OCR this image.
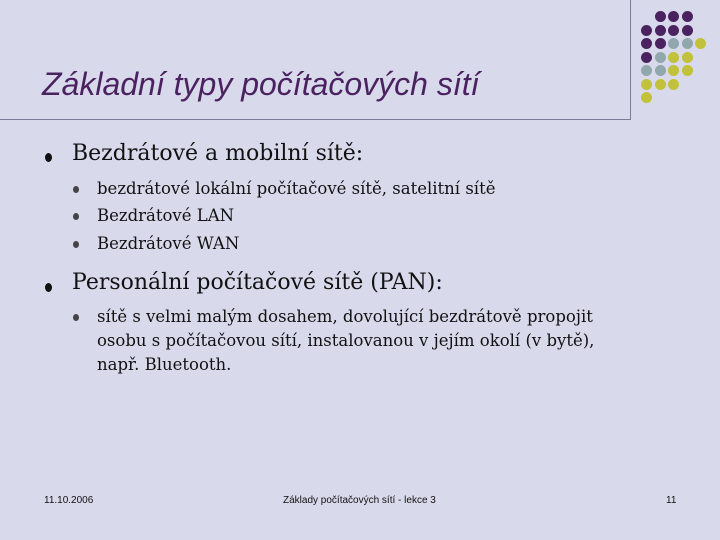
Základní typy počítačových sítí
Bezdrátové a mobilní sítě:
bezdrátové lokální počítačové sítě, satelitní sítě
Bezdrátové LAN
Bezdrátové WAN
Personální počítačové sítě (PAN):
sítě s velmi malým dosahem, dovolující bezdrátově propojit
osobu s počítačovou sítí, instalovanou v jejím okolí (v bytě),
např. Bluetooth.
11.10.2006	Základy počítačových sítí - lekce 3	11
